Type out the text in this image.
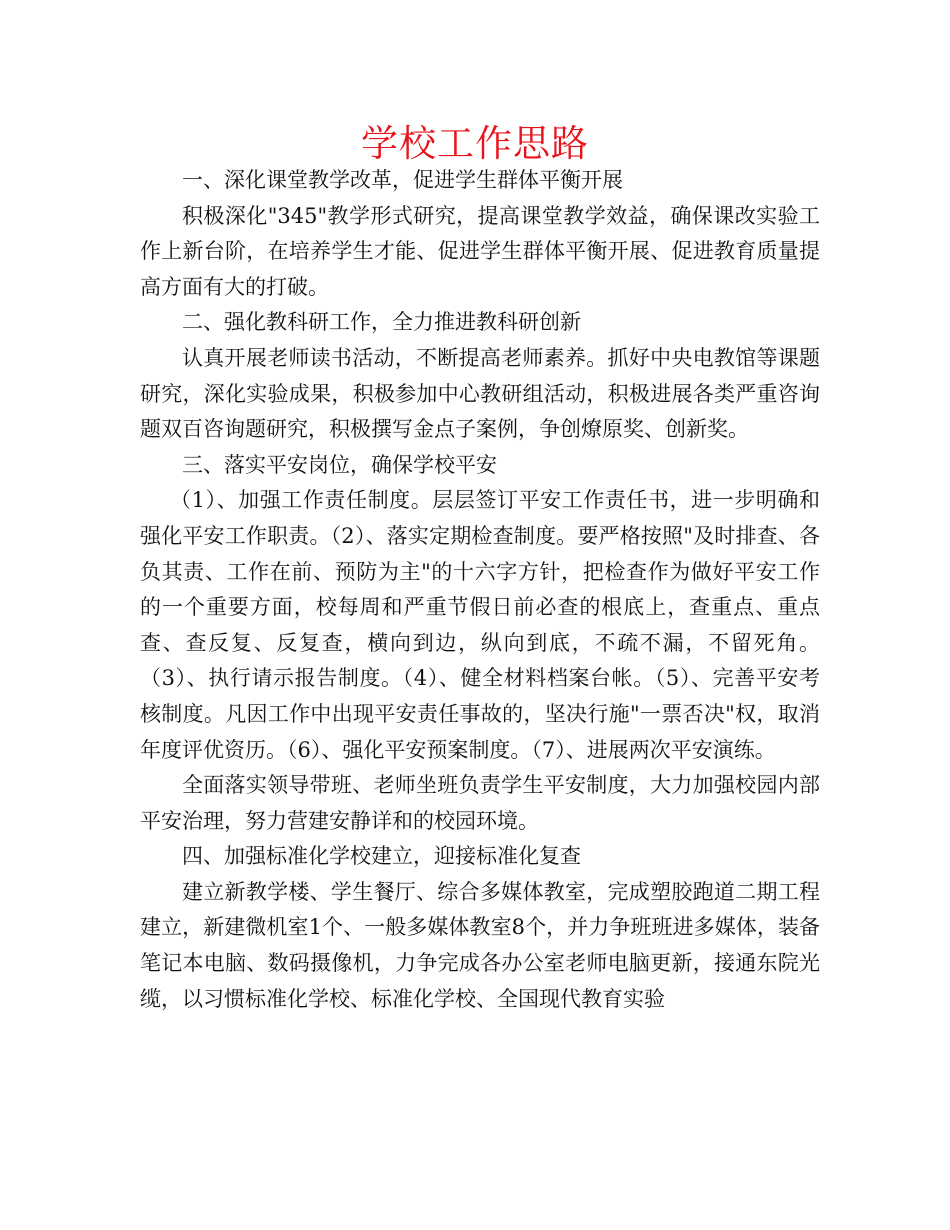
学校工作思路

一、深化课堂教学改革，促进学生群体平衡开展

积极深化"345"教学形式研究，提高课堂教学效益，确保课改实验工作上新台阶，在培养学生才能、促进学生群体平衡开展、促进教育质量提高方面有大的打破。

二、强化教科研工作，全力推进教科研创新

认真开展老师读书活动，不断提高老师素养。抓好中央电教馆等课题研究，深化实验成果，积极参加中心教研组活动，积极进展各类严重咨询题双百咨询题研究，积极撰写金点子案例，争创燎原奖、创新奖。

三、落实平安岗位，确保学校平安

（1）、加强工作责任制度。层层签订平安工作责任书，进一步明确和强化平安工作职责。（2）、落实定期检查制度。要严格按照"及时排查、各负其责、工作在前、预防为主"的十六字方针，把检查作为做好平安工作的一个重要方面，校每周和严重节假日前必查的根底上，查重点、重点查、查反复、反复查，横向到边，纵向到底，不疏不漏，不留死角。（3）、执行请示报告制度。（4）、健全材料档案台帐。（5）、完善平安考核制度。凡因工作中出现平安责任事故的，坚决行施"一票否决"权，取消年度评优资历。（6）、强化平安预案制度。（7）、进展两次平安演练。

全面落实领导带班、老师坐班负责学生平安制度，大力加强校园内部平安治理，努力营建安静详和的校园环境。

四、加强标准化学校建立，迎接标准化复查

建立新教学楼、学生餐厅、综合多媒体教室，完成塑胶跑道二期工程建立，新建微机室1个、一般多媒体教室8个，并力争班班进多媒体，装备笔记本电脑、数码摄像机，力争完成各办公室老师电脑更新，接通东院光缆，以习惯标准化学校、标准化学校、全国现代教育实验
